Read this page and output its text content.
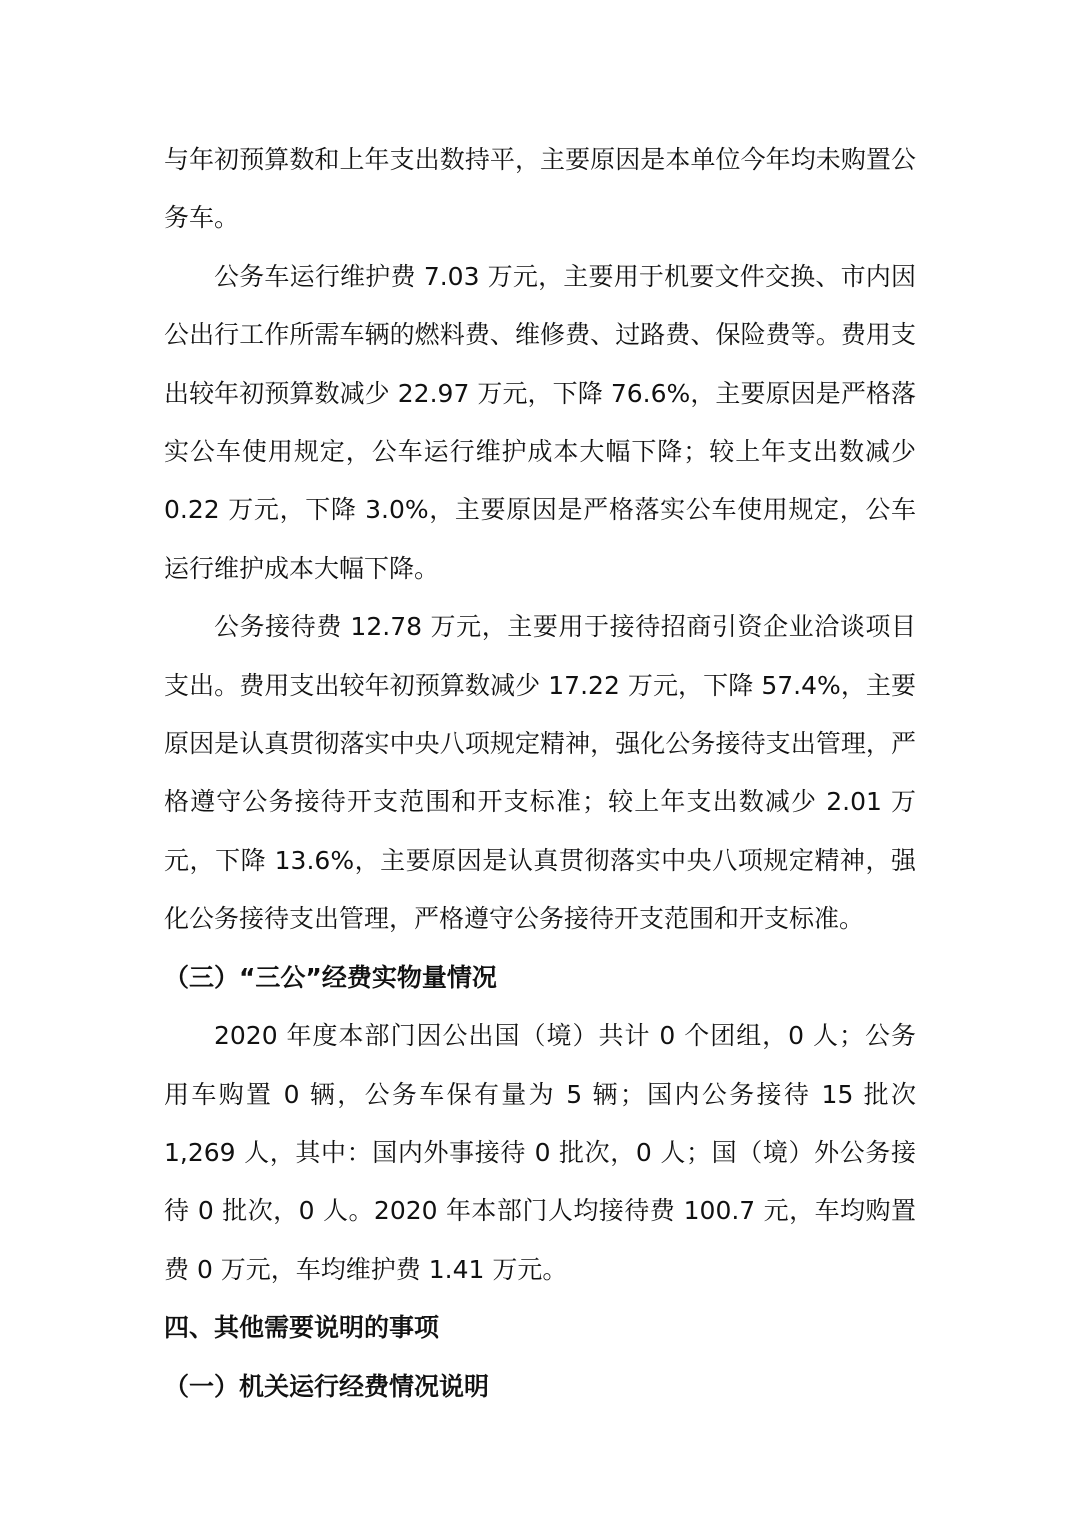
与年初预算数和上年支出数持平，主要原因是本单位今年均未购置公务车。

公务车运行维护费 7.03 万元，主要用于机要文件交换、市内因公出行工作所需车辆的燃料费、维修费、过路费、保险费等。费用支出较年初预算数减少 22.97 万元，下降 76.6%，主要原因是严格落实公车使用规定，公车运行维护成本大幅下降；较上年支出数减少 0.22 万元，下降 3.0%，主要原因是严格落实公车使用规定，公车运行维护成本大幅下降。

公务接待费 12.78 万元，主要用于接待招商引资企业洽谈项目支出。费用支出较年初预算数减少 17.22 万元，下降 57.4%，主要原因是认真贯彻落实中央八项规定精神，强化公务接待支出管理，严格遵守公务接待开支范围和开支标准；较上年支出数减少 2.01 万元，下降 13.6%，主要原因是认真贯彻落实中央八项规定精神，强化公务接待支出管理，严格遵守公务接待开支范围和开支标准。

（三）“三公”经费实物量情况

2020 年度本部门因公出国（境）共计 0 个团组，0 人；公务用车购置 0 辆，公务车保有量为 5 辆；国内公务接待 15 批次 1,269 人，其中：国内外事接待 0 批次，0 人；国（境）外公务接待 0 批次，0 人。2020 年本部门人均接待费 100.7 元，车均购置费 0 万元，车均维护费 1.41 万元。

四、其他需要说明的事项

（一）机关运行经费情况说明
